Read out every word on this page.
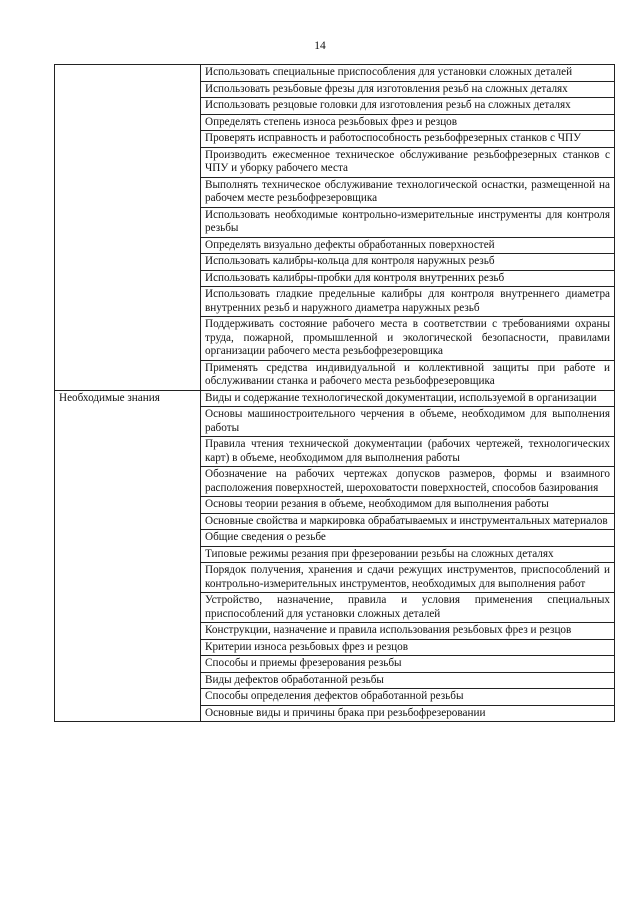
14
	Использовать специальные приспособления для установки сложных деталей
	Использовать резьбовые фрезы для изготовления резьб на сложных деталях
	Использовать резцовые головки для изготовления резьб на сложных деталях
	Определять степень износа резьбовых фрез и резцов
	Проверять исправность и работоспособность резьбофрезерных станков с ЧПУ
	Производить ежесменное техническое обслуживание резьбофрезерных станков с ЧПУ и уборку рабочего места
	Выполнять техническое обслуживание технологической оснастки, размещенной на рабочем месте резьбофрезеровщика
	Использовать необходимые контрольно-измерительные инструменты для контроля резьбы
	Определять визуально дефекты обработанных поверхностей
	Использовать калибры-кольца для контроля наружных резьб
	Использовать калибры-пробки для контроля внутренних резьб
	Использовать гладкие предельные калибры для контроля внутреннего диаметра внутренних резьб и наружного диаметра наружных резьб
	Поддерживать состояние рабочего места в соответствии с требованиями охраны труда, пожарной, промышленной и экологической безопасности, правилами организации рабочего места резьбофрезеровщика
	Применять средства индивидуальной и коллективной защиты при работе и обслуживании станка и рабочего места резьбофрезеровщика
Необходимые знания	Виды и содержание технологической документации, используемой в организации
	Основы машиностроительного черчения в объеме, необходимом для выполнения работы
	Правила чтения технической документации (рабочих чертежей, технологических карт) в объеме, необходимом для выполнения работы
	Обозначение на рабочих чертежах допусков размеров, формы и взаимного расположения поверхностей, шероховатости поверхностей, способов базирования
	Основы теории резания в объеме, необходимом для выполнения работы
	Основные свойства и маркировка обрабатываемых и инструментальных материалов
	Общие сведения о резьбе
	Типовые режимы резания при фрезеровании резьбы на сложных деталях
	Порядок получения, хранения и сдачи режущих инструментов, приспособлений и контрольно-измерительных инструментов, необходимых для выполнения работ
	Устройство, назначение, правила и условия применения специальных приспособлений для установки сложных деталей
	Конструкции, назначение и правила использования резьбовых фрез и резцов
	Критерии износа резьбовых фрез и резцов
	Способы и приемы фрезерования резьбы
	Виды дефектов обработанной резьбы
	Способы определения дефектов обработанной резьбы
	Основные виды и причины брака при резьбофрезеровании
